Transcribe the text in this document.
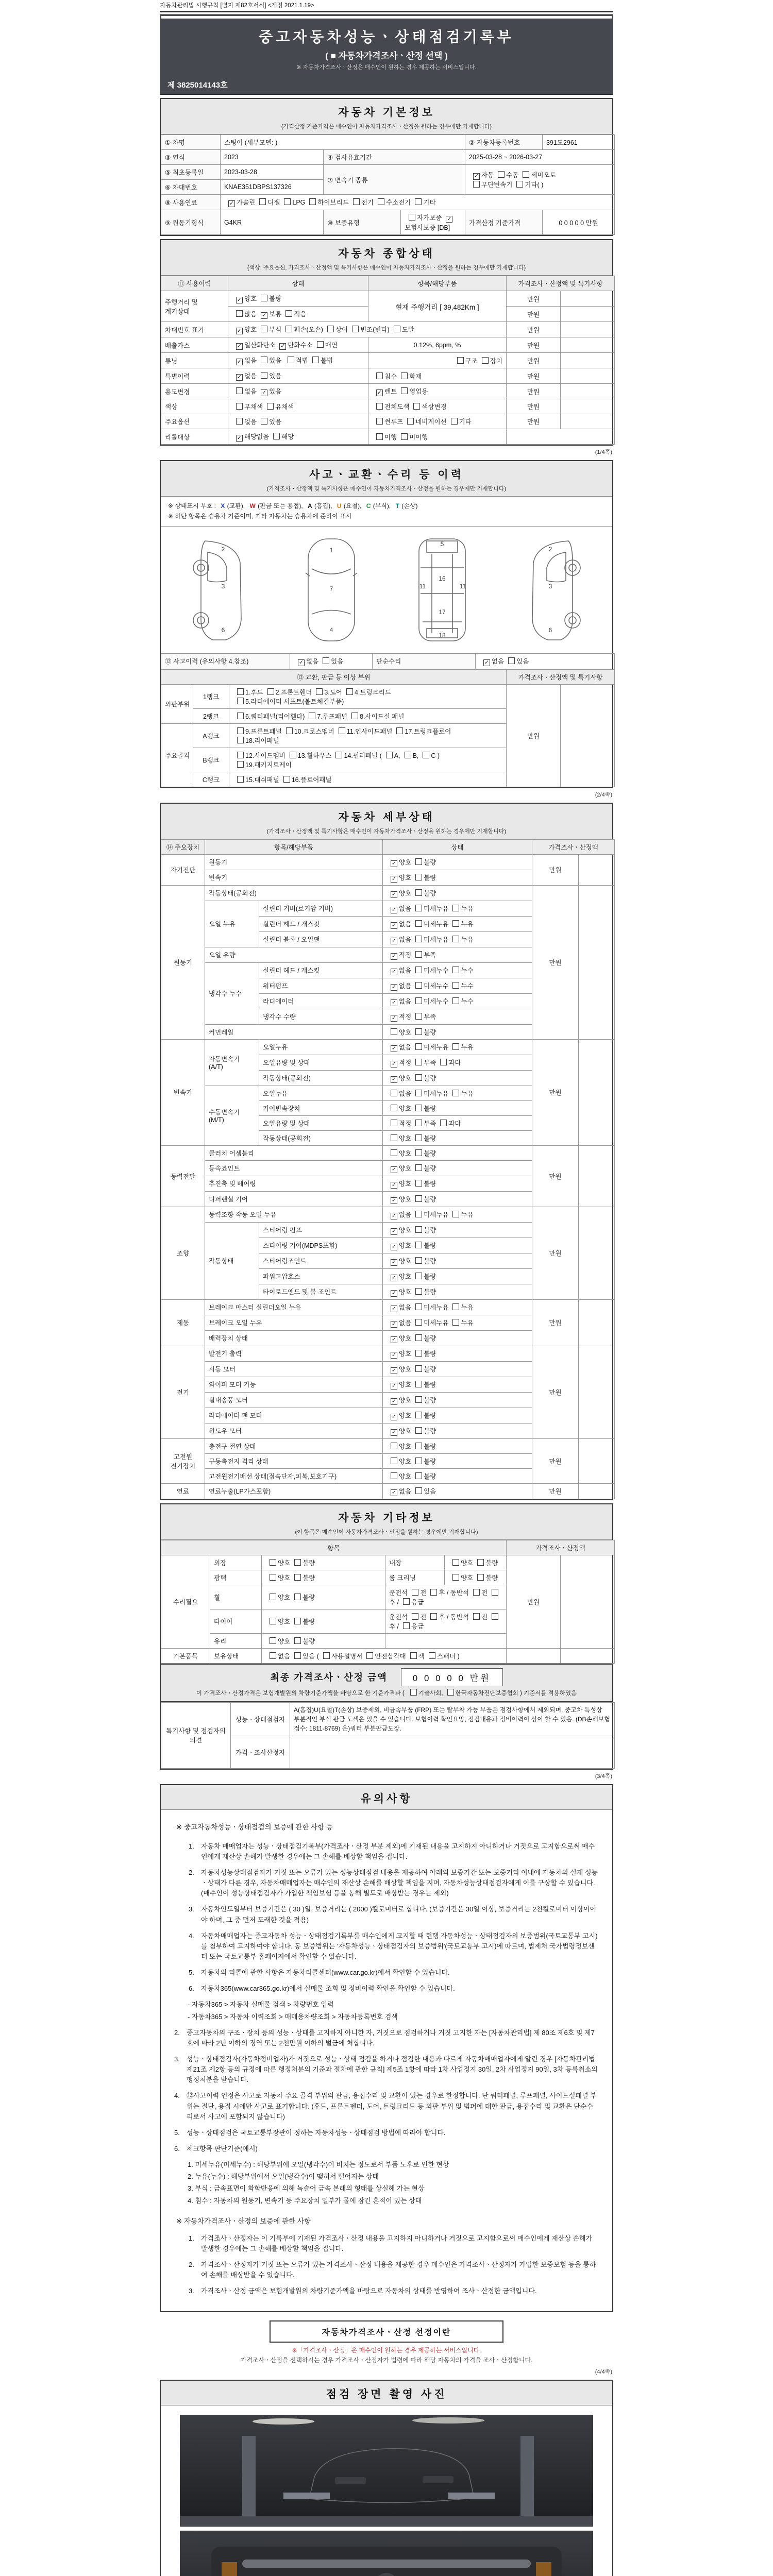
자동차관리법 시행규칙 [별지 제82호서식] <개정 2021.1.19>
중고자동차성능ㆍ상태점검기록부
( ■ 자동차가격조사ㆍ산정 선택 )
※ 자동차가격조사ㆍ산정은 매수인이 원하는 경우 제공하는 서비스입니다.
제 3825014143호
자동차 기본정보
(가격산정 기준가격은 매수인이 자동차가격조사ㆍ산정을 원하는 경우에만 기재합니다)
① 차명	스팅어 (세부모델: )			② 자동차등록번호	391도2961
③ 연식	2023	④ 검사유효기간		2025-03-28 ~ 2026-03-27	
⑤ 최초등록일	2023-03-28	⑦ 변속기 종류	✓자동 수동 세미오토
무단변속기 기타( )
⑥ 차대번호	KNAE351DBPS137326				
⑧ 사용연료	✓가솔린 디젤 LPG 하이브리드 전기 수소전기 기타
⑨ 원동기형식	G4KR	⑩ 보증유형	자가보증✓보험사보증 [DB]	가격산정 기준가격	0 0 0 0 0 만원
자동차 종합상태
(색상, 주요옵션, 가격조사ㆍ산정액 및 특기사항은 매수인이 자동차가격조사ㆍ산정을 원하는 경우에만 기재합니다)
⑪ 사용이력	상태	항목/해당부품	가격조사ㆍ산정액 및 특기사항	
주행거리 및 계기상태	✓양호 불량	현재 주행거리 [ 39,482Km ]	만원	
	많음 ✓ 보통 적음		만원	
차대번호 표기	✓양호 부식 훼손(오손) 상이 변조(변타) 도말		만원	
배출가스	✓일산화탄소 ✓ 탄화수소 매연	0.12%, 6ppm, %	만원	
튜닝	✓없음 있음 적법 불법	구조 장치	만원	
특별이력	✓없음 있음	침수 화재	만원	
용도변경	없음 ✓ 있음	✓렌트 영업용	만원	
색상	무채색 유채색	전체도색 색상변경	만원	
주요옵션	없음 있음	썬루프 네비게이션 기타	만원	
리콜대상	✓해당없음 해당	이행 미이행		
(1/4쪽)
사고ㆍ교환ㆍ수리 등 이력
(가격조사ㆍ산정액 및 특기사항은 매수인이 자동차가격조사ㆍ산정을 원하는 경우에만 기재합니다)
※ 상태표시 부호 : X (교환), W (판금 또는 용접), A (흠집), U (요철), C (부식), T (손상)
※ 하단 항목은 승용차 기준이며, 기타 자동차는 승용차에 준하여 표시
3
6
2	1
7
4
5
11	11
16
17
18
2
3
6
⑫ 사고이력 (유의사항 4.참조)	✓없음 있음	단순수리	✓없음 있음
⑬ 교환, 판금 등 이상 부위			가격조사ㆍ산정액 및 특기사항	
외판부위	1랭크	1.후드 2.프론트휀더 3.도어 4.트렁크리드
5.라디에이터 서포트(볼트체결부품)	만원	
	2랭크	6.쿼터패널(리어휀다) 7.루프패널 8.사이드실 패널		
주요골격	A랭크	9.프론트패널 10.크로스멤버 11.인사이드패널 17.트렁크플로어
18.리어패널		
	B랭크	12.사이드멤버 13.휠하우스 14.필러패널 ( A, B, C )
19.패키지트레이		
	C랭크	15.대쉬패널 16.플로어패널		
(2/4쪽)
자동차 세부상태
(가격조사ㆍ산정액 및 특기사항은 매수인이 자동차가격조사ㆍ산정을 원하는 경우에만 기재합니다)
⑭ 주요장치	항목/해당부품		상태	가격조사ㆍ산정액	
자기진단	원동기	✓양호 불량	만원	
	변속기	✓양호 불량
원동기	작동상태(공회전)	✓양호 불량	만원	
	오일 누유	실린더 커버(로커암 커버)	✓없음 미세누유 누유
		실린더 헤드 / 개스킷	✓없음 미세누유 누유
		실린더 블록 / 오일팬	✓없음 미세누유 누유
	오일 유량	✓적정 부족
	냉각수 누수	실린더 헤드 / 개스킷	✓없음 미세누수 누수
		워터펌프	✓없음 미세누수 누수
		라디에이터	✓없음 미세누수 누수
		냉각수 수량	✓적정 부족
	커먼레일		양호 불량		
변속기	자동변속기 (A/T)	오일누유	✓없음 미세누유 누유	만원	
		오일유량 및 상태	✓적정 부족 과다
		작동상태(공회전)	✓양호 불량
	수동변속기 (M/T)	오일누유	없음 미세누유 누유		
		기어변속장치	양호 불량		
		오일유량 및 상태	적정 부족 과다		
		작동상태(공회전)	양호 불량		
동력전달	클러치 어셈블리		양호 불량	만원	
	등속죠인트	✓양호 불량
	추진축 및 베어링	✓양호 불량
	디퍼렌셜 기어	✓양호 불량
조향	동력조향 작동 오일 누유	✓없음 미세누유 누유	만원	
	작동상태	스티어링 펌프	✓양호 불량
		스티어링 기어(MDPS포함)	✓양호 불량
		스티어링조인트	✓양호 불량
		파워고압호스	✓양호 불량
		타이로드엔드 및 볼 조인트	✓양호 불량
제동	브레이크 마스터 실린더오일 누유	✓없음 미세누유 누유	만원	
	브레이크 오일 누유	✓없음 미세누유 누유
	배력장치 상태	✓양호 불량
전기	발전기 출력	✓양호 불량	만원	
	시동 모터	✓양호 불량
	와이퍼 모터 기능	✓양호 불량
	실내송풍 모터	✓양호 불량
	라디에이터 팬 모터	✓양호 불량
	윈도우 모터	✓양호 불량
고전원 전기장치	충전구 절연 상태		양호 불량	만원	
	구동축전지 격리 상태		양호 불량		
	고전원전기배선 상태(접속단자,피복,보호기구)		양호 불량		
연료	연료누출(LP가스포함)	✓없음 있음	만원	
자동차 기타정보
(이 항목은 매수인이 자동차가격조사ㆍ산정을 원하는 경우에만 기재합니다)
항목					가격조사ㆍ산정액	
수리필요	외장	양호 불량	내장	양호 불량	만원	
	광택	양호 불량	룸 크리닝	양호 불량		
	휠	양호 불량	운전석 전 후 / 동반석 전후 / 응급			
	타이어	양호 불량	운전석 전 후 / 동반석 전후 / 응급			
	유리	양호 불량				
기본품목	보유상태	없음 있음 ( 사용설명서 안전삼각대 잭 스패너 )				
최종 가격조사ㆍ산정 금액	0 0 0 0 0 만원
이 가격조사ㆍ산정가격은 보험개발원의 차량기준가액을 바탕으로 한 기준가격과 ( 기술사회, 한국자동차진단보증협회 ) 기준서를 적용하였음
특기사항 및 점검자의 의견	성능ㆍ상태점검자	A(흠집)U(요철)T(손상) 보증제외, 비금속부품 (FRP) 또는 탈부착 가능 부품은 점검사항에서 제외되며, 중고차 특성상 부분적인 부식 판금 도색은 있을 수 있습니다. 보험이력 확인요망, 점검내용과 정비이력이 상이 할 수 있음. (DB손해보험 접수: 1811-8769) 운)쿼터 부분판금도장.
	가격ㆍ조사산정자	
(3/4쪽)
유의사항
※ 중고자동차성능ㆍ상태점검의 보증에 관한 사항 등
1.	자동차 매매업자는 성능ㆍ상태점검기록부(가격조사ㆍ산정 부분 제외)에 기재된 내용을 고지하지 아니하거나 거짓으로 고지함으로써 매수인에게 재산상 손해가 발생한 경우에는 그 손해를 배상할 책임을 집니다.
2.	자동차성능상태점검자가 거짓 또는 오류가 있는 성능상태점검 내용을 제공하여 아래의 보증기간 또는 보증거리 이내에 자동차의 실제 성능ㆍ상태가 다른 경우, 자동차매매업자는 매수인의 재산상 손해를 배상할 책임을 지며, 자동차성능상태점검자에게 이를 구상할 수 있습니다.(매수인이 성능상태점검자가 가입한 책임보험 등을 통해 별도로 배상받는 경우는 제외)
3.	자동차인도일부터 보증기간은 ( 30 )일, 보증거리는 ( 2000 )킬로미터로 합니다. (보증기간은 30일 이상, 보증거리는 2천킬로미터 이상이어야 하며, 그 중 먼저 도래한 것을 적용)
4.	자동차매매업자는 중고자동차 성능ㆍ상태점검기록부를 매수인에게 고지할 때 현행 자동차성능ㆍ상태점검자의 보증범위(국토교통부 고시)를 첨부하여 고지하여야 합니다. 동 보증범위는 '자동차성능ㆍ상태점검자의 보증범위'(국토교통부 고시)에 따르며, 법제처 국가법령정보센터 또는 국토교통부 홈페이지에서 확인할 수 있습니다.
5.	자동차의 리콜에 관한 사항은 자동차리콜센터(www.car.go.kr)에서 확인할 수 있습니다.
6.	자동차365(www.car365.go.kr)에서 실매물 조회 및 정비이력 확인을 확인할 수 있습니다.
- 자동차365 > 자동차 실매물 검색 > 차량번호 입력
- 자동차365 > 자동차 이력조회 > 매매용차량조회 > 자동차등록번호 검색
2.	중고자동차의 구조ㆍ장치 등의 성능ㆍ상태를 고지하지 아니한 자, 거짓으로 점검하거나 거짓 고지한 자는 [자동차관리법] 제 80조 제6호 및 제7호에 따라 2년 이하의 징역 또는 2천만원 이하의 벌금에 처합니다.
3.	성능ㆍ상태점검자(자동차정비업자)가 거짓으로 성능ㆍ상태 점검을 하거나 점검한 내용과 다르게 자동차매매업자에게 알린 경우 [자동차관리법 제21조 제2항 등의 규정에 따른 행정처분의 기준과 절차에 관한 규칙] 제5조 1항에 따라 1차 사업정지 30일, 2차 사업정지 90일, 3차 등록취소의 행정처분을 받습니다.
4.	⑫사고이력 인정은 사고로 자동차 주요 골격 부위의 판금, 용접수리 및 교환이 있는 경우로 한정합니다. 단 쿼터패널, 루프패널, 사이드실패널 부위는 절단, 용접 시에만 사고로 표기합니다. (후드, 프론트펜더, 도어, 트렁크리드 등 외판 부위 및 범퍼에 대한 판금, 용접수리 및 교환은 단순수리로서 사고에 포함되지 않습니다)
5.	성능ㆍ상태점검은 국토교통부장관이 정하는 자동차성능ㆍ상태점검 방법에 따라야 합니다.
6.	체크항목 판단기준(예시)
1. 미세누유(미세누수) : 해당부위에 오일(냉각수)이 비치는 정도로서 부품 노후로 인한 현상
2. 누유(누수) : 해당부위에서 오일(냉각수)이 맺혀서 떨어지는 상태
3. 부식 : 금속표면이 화학반응에 의해 녹슬어 금속 본래의 형태를 상실해 가는 현상
4. 침수 : 자동차의 원동기, 변속기 등 주요장치 일부가 물에 잠긴 흔적이 있는 상태
※ 자동차가격조사ㆍ산정의 보증에 관한 사항
1.	가격조사ㆍ산정자는 이 기록부에 기재된 가격조사ㆍ산정 내용을 고지하지 아니하거나 거짓으로 고지함으로써 매수인에게 재산상 손해가 발생한 경우에는 그 손해를 배상할 책임을 집니다.
2.	가격조사ㆍ산정자가 거짓 또는 오류가 있는 가격조사ㆍ산정 내용을 제공한 경우 매수인은 가격조사ㆍ산정자가 가입한 보증보험 등을 통하여 손해를 배상받을 수 있습니다.
3.	가격조사ㆍ산정 금액은 보험개발원의 차량기준가액을 바탕으로 자동차의 상태를 반영하여 조사ㆍ산정한 금액입니다.
자동차가격조사ㆍ산정 선정이란
※「가격조사ㆍ산정」은 매수인이 원하는 경우 제공하는 서비스입니다.
가격조사ㆍ산정을 선택하시는 경우 가격조사ㆍ산정자가 법령에 따라 해당 자동차의 가격을 조사ㆍ산정합니다.
(4/4쪽)
점검 장면 촬영 사진
